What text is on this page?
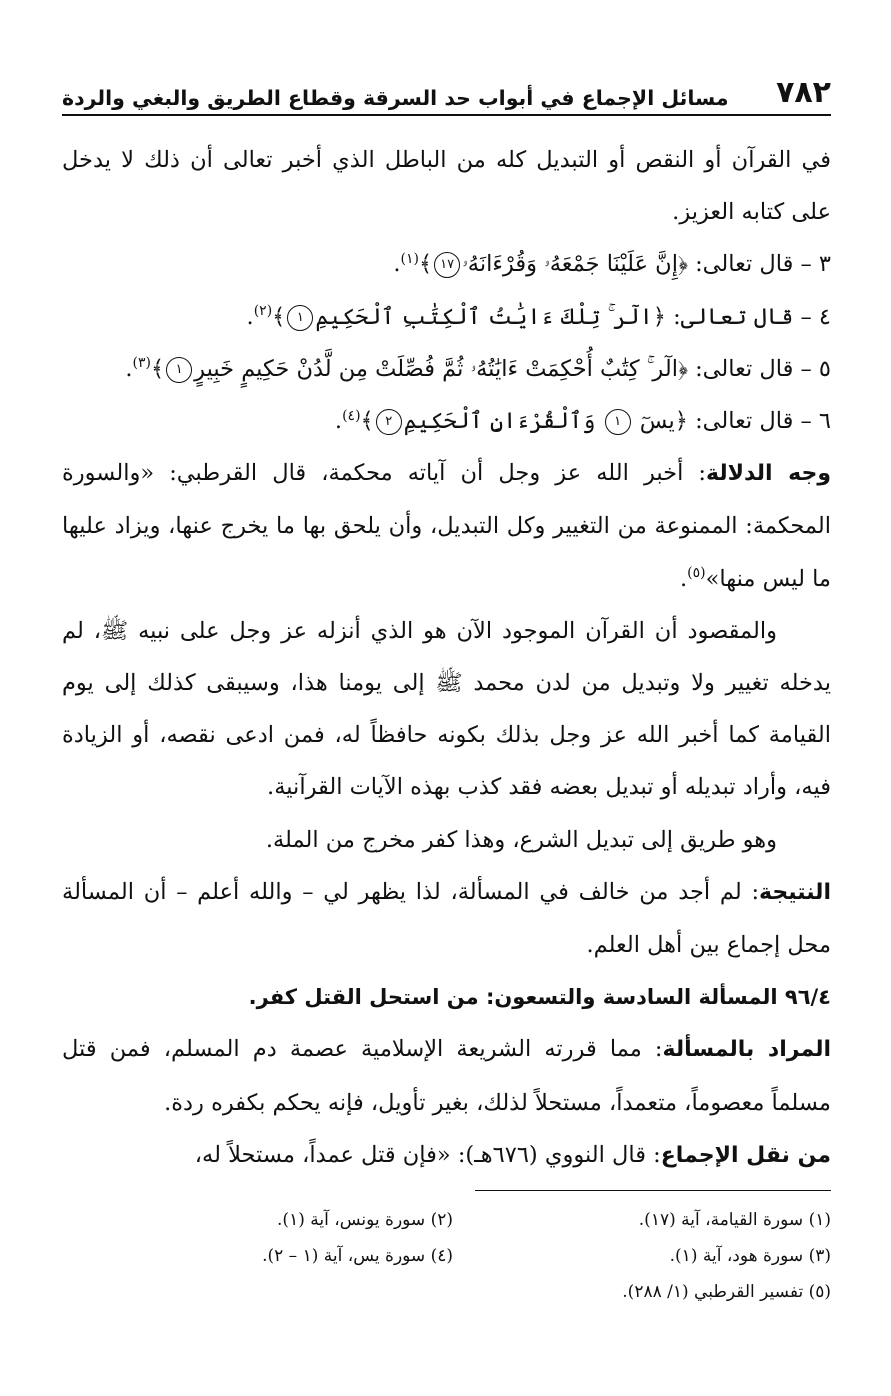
٧٨٢
مسائل الإجماع في أبواب حد السرقة وقطاع الطريق والبغي والردة

في القرآن أو النقص أو التبديل كله من الباطل الذي أخبر تعالى أن ذلك لا يدخل على كتابه العزيز.

٣ – قال تعالى: ﴿إِنَّ عَلَيْنَا جَمْعَهُۥ وَقُرْءَانَهُۥ١٧﴾(١).

٤ – قال تعالى: ﴿الٓر ۚ تِلْكَ ءَايَٰتُ ٱلْكِتَٰبِ ٱلْحَكِيمِ١﴾(٢).

٥ – قال تعالى: ﴿الٓر ۚ كِتَٰبٌ أُحْكِمَتْ ءَايَٰتُهُۥ ثُمَّ فُصِّلَتْ مِن لَّدُنْ حَكِيمٍ خَبِيرٍ١﴾(٣).

٦ – قال تعالى: ﴿يسٓ ١ وَٱلْقُرْءَانِ ٱلْحَكِيمِ٢﴾(٤).

وجه الدلالة: أخبر الله عز وجل أن آياته محكمة، قال القرطبي: «والسورة المحكمة: الممنوعة من التغيير وكل التبديل، وأن يلحق بها ما يخرج عنها، ويزاد عليها ما ليس منها»(٥).

والمقصود أن القرآن الموجود الآن هو الذي أنزله عز وجل على نبيه ﷺ، لم يدخله تغيير ولا وتبديل من لدن محمد ﷺ إلى يومنا هذا، وسيبقى كذلك إلى يوم القيامة كما أخبر الله عز وجل بذلك بكونه حافظاً له، فمن ادعى نقصه، أو الزيادة فيه، وأراد تبديله أو تبديل بعضه فقد كذب بهذه الآيات القرآنية.

وهو طريق إلى تبديل الشرع، وهذا كفر مخرج من الملة.

النتيجة: لم أجد من خالف في المسألة، لذا يظهر لي – والله أعلم – أن المسألة محل إجماع بين أهل العلم.

٩٦/٤ المسألة السادسة والتسعون: من استحل القتل كفر.

المراد بالمسألة: مما قررته الشريعة الإسلامية عصمة دم المسلم، فمن قتل مسلماً معصوماً، متعمداً، مستحلاً لذلك، بغير تأويل، فإنه يحكم بكفره ردة.

من نقل الإجماع: قال النووي (٦٧٦هـ): «فإن قتل عمداً، مستحلاً له،

(١) سورة القيامة، آية (١٧).
(٢) سورة يونس، آية (١).
(٣) سورة هود، آية (١).
(٤) سورة يس، آية (١ – ٢).
(٥) تفسير القرطبي (١/ ٢٨٨).
